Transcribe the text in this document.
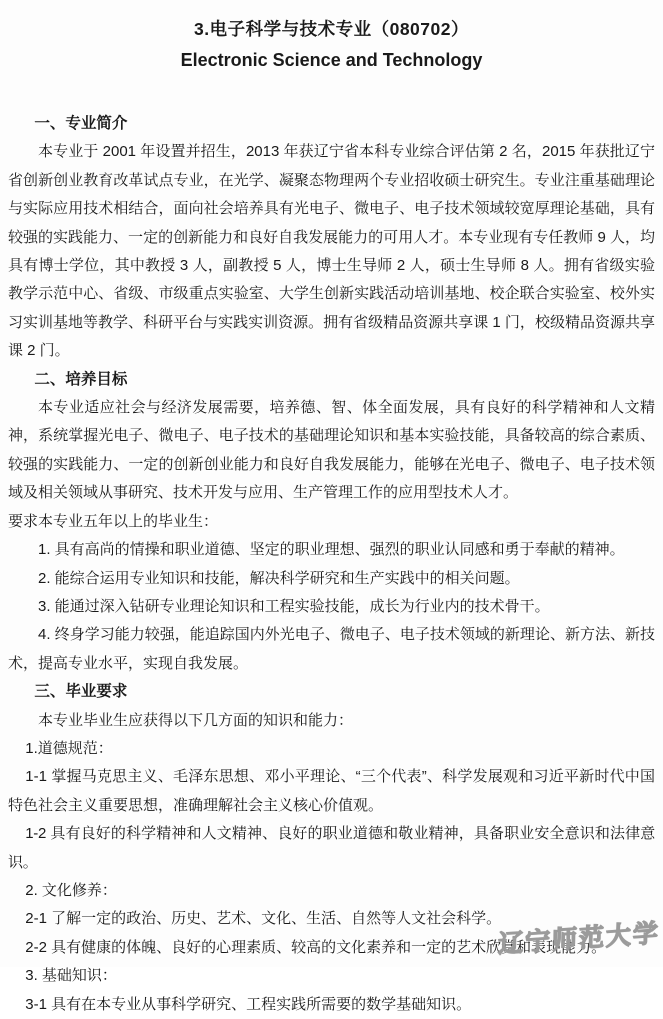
3.电子科学与技术专业（080702）
Electronic Science and Technology
一、专业简介
本专业于 2001 年设置并招生，2013 年获辽宁省本科专业综合评估第 2 名，2015 年获批辽宁省创新创业教育改革试点专业，在光学、凝聚态物理两个专业招收硕士研究生。专业注重基础理论与实际应用技术相结合，面向社会培养具有光电子、微电子、电子技术领域较宽厚理论基础，具有较强的实践能力、一定的创新能力和良好自我发展能力的可用人才。本专业现有专任教师 9 人，均具有博士学位，其中教授 3 人，副教授 5 人，博士生导师 2 人，硕士生导师 8 人。拥有省级实验教学示范中心、省级、市级重点实验室、大学生创新实践活动培训基地、校企联合实验室、校外实习实训基地等教学、科研平台与实践实训资源。拥有省级精品资源共享课 1 门，校级精品资源共享课 2 门。
二、培养目标
本专业适应社会与经济发展需要，培养德、智、体全面发展，具有良好的科学精神和人文精神，系统掌握光电子、微电子、电子技术的基础理论知识和基本实验技能，具备较高的综合素质、较强的实践能力、一定的创新创业能力和良好自我发展能力，能够在光电子、微电子、电子技术领域及相关领域从事研究、技术开发与应用、生产管理工作的应用型技术人才。
要求本专业五年以上的毕业生：
1. 具有高尚的情操和职业道德、坚定的职业理想、强烈的职业认同感和勇于奉献的精神。
2. 能综合运用专业知识和技能，解决科学研究和生产实践中的相关问题。
3. 能通过深入钻研专业理论知识和工程实验技能，成长为行业内的技术骨干。
4. 终身学习能力较强，能追踪国内外光电子、微电子、电子技术领域的新理论、新方法、新技术，提高专业水平，实现自我发展。
三、毕业要求
本专业毕业生应获得以下几方面的知识和能力：
1.道德规范：
1-1 掌握马克思主义、毛泽东思想、邓小平理论、“三个代表”、科学发展观和习近平新时代中国特色社会主义重要思想，准确理解社会主义核心价值观。
1-2 具有良好的科学精神和人文精神、良好的职业道德和敬业精神，具备职业安全意识和法律意识。
2. 文化修养：
2-1 了解一定的政治、历史、艺术、文化、生活、自然等人文社会科学。
2-2 具有健康的体魄、良好的心理素质、较高的文化素养和一定的艺术欣赏和表现能力。
3. 基础知识：
3-1 具有在本专业从事科学研究、工程实践所需要的数学基础知识。
辽宁师范大学
